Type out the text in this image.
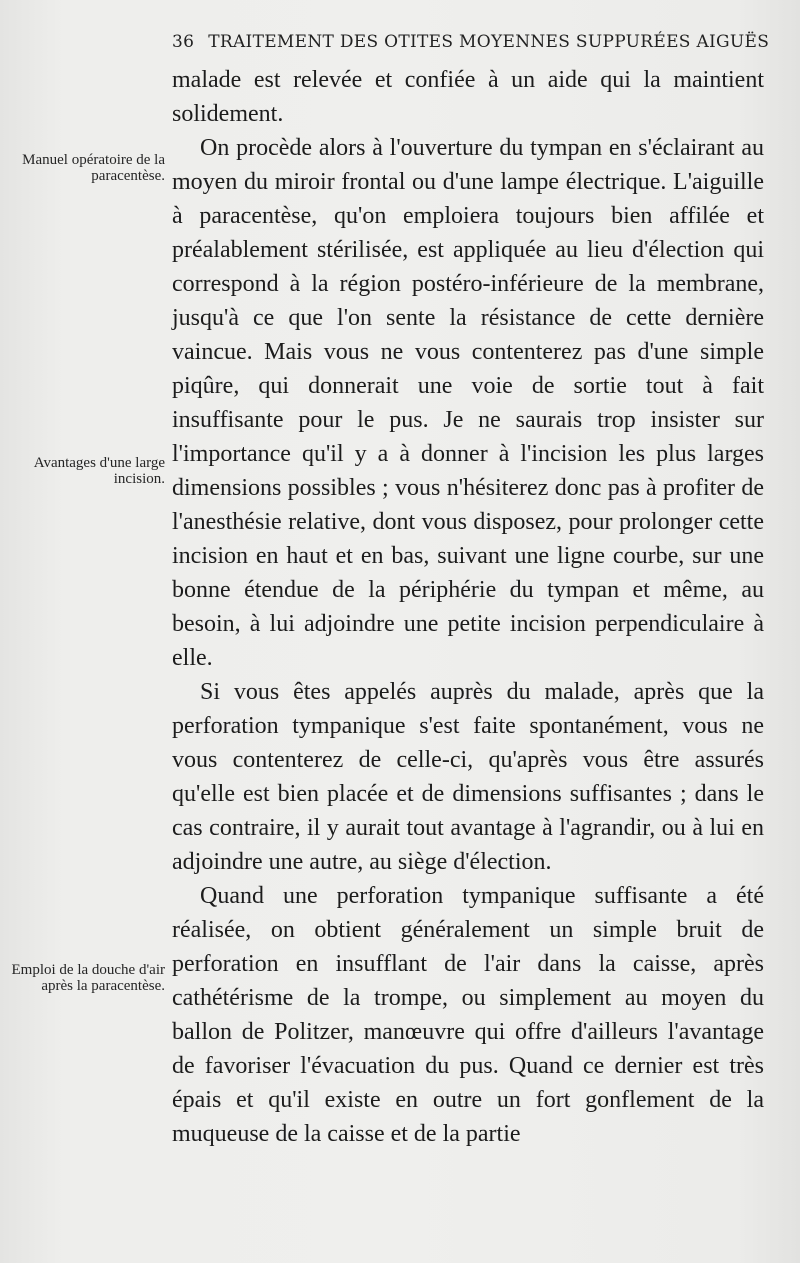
36 TRAITEMENT DES OTITES MOYENNES SUPPURÉES AIGUËS
Manuel opératoire de la paracentèse.
Avantages d'une large incision.
Emploi de la douche d'air après la paracentèse.

malade est relevée et confiée à un aide qui la maintient solidement.

On procède alors à l'ouverture du tympan en s'éclairant au moyen du miroir frontal ou d'une lampe électrique. L'aiguille à paracentèse, qu'on emploiera toujours bien affilée et préalablement stérilisée, est appliquée au lieu d'élection qui correspond à la région postéro-inférieure de la membrane, jusqu'à ce que l'on sente la résistance de cette dernière vaincue. Mais vous ne vous contenterez pas d'une simple piqûre, qui donnerait une voie de sortie tout à fait insuffisante pour le pus. Je ne saurais trop insister sur l'importance qu'il y a à donner à l'incision les plus larges dimensions possibles ; vous n'hésiterez donc pas à profiter de l'anesthésie relative, dont vous disposez, pour prolonger cette incision en haut et en bas, suivant une ligne courbe, sur une bonne étendue de la périphérie du tympan et même, au besoin, à lui adjoindre une petite incision perpendiculaire à elle.

Si vous êtes appelés auprès du malade, après que la perforation tympanique s'est faite spontanément, vous ne vous contenterez de celle-ci, qu'après vous être assurés qu'elle est bien placée et de dimensions suffisantes ; dans le cas contraire, il y aurait tout avantage à l'agrandir, ou à lui en adjoindre une autre, au siège d'élection.

Quand une perforation tympanique suffisante a été réalisée, on obtient généralement un simple bruit de perforation en insufflant de l'air dans la caisse, après cathétérisme de la trompe, ou simplement au moyen du ballon de Politzer, manœuvre qui offre d'ailleurs l'avantage de favoriser l'évacuation du pus. Quand ce dernier est très épais et qu'il existe en outre un fort gonflement de la muqueuse de la caisse et de la partie
